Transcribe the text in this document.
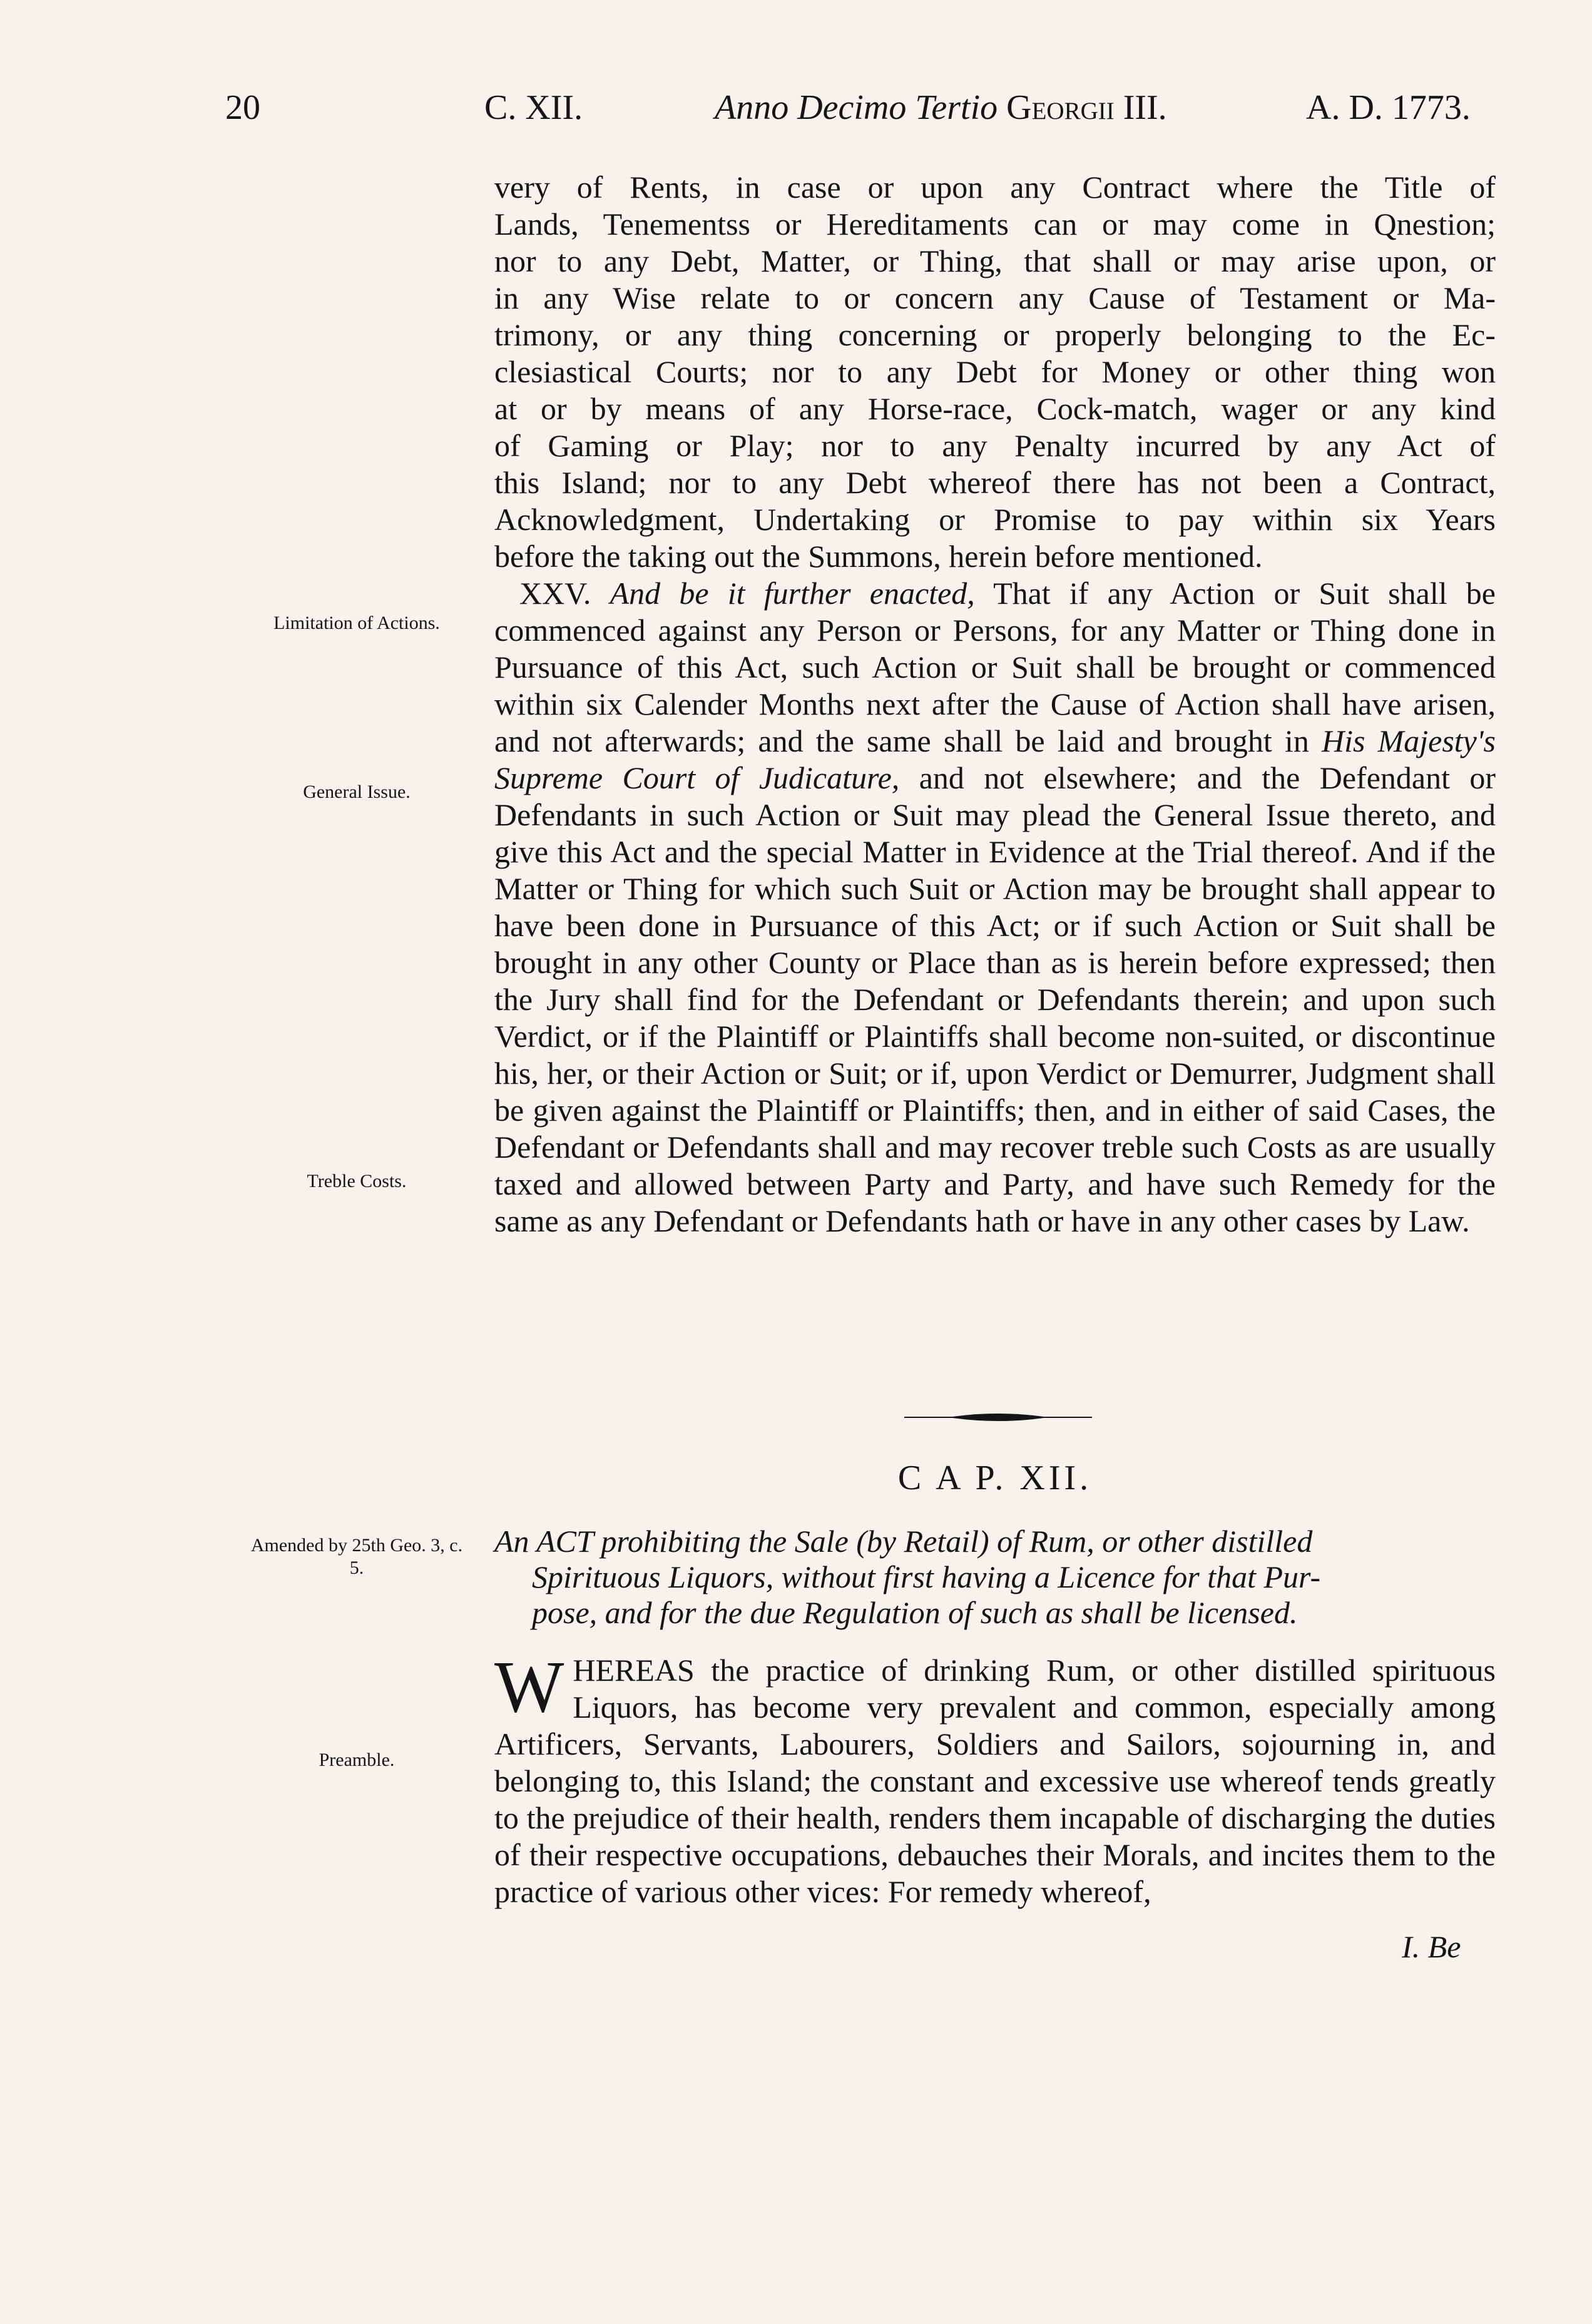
20	C. XII.	Anno Decimo Tertio Georgii III.	A. D. 1773.
Limitation of Actions.
General Issue.
Treble Costs.
Amended by 25th Geo. 3, c. 5.
Preamble.

very of Rents, in case or upon any Contract where the Title of
Lands, Tenementss or Hereditaments can or may come in Qnestion;
nor to any Debt, Matter, or Thing, that shall or may arise upon, or
in any Wise relate to or concern any Cause of Testament or Ma-
trimony, or any thing concerning or properly belonging to the Ec-
clesiastical Courts; nor to any Debt for Money or other thing won
at or by means of any Horse-race, Cock-match, wager or any kind
of Gaming or Play; nor to any Penalty incurred by any Act of
this Island; nor to any Debt whereof there has not been a Contract,
Acknowledgment, Undertaking or Promise to pay within six Years
before the taking out the Summons, herein before mentioned.

XXV. And be it further enacted, That if any Action or Suit shall be commenced against any Person or Persons, for any Matter or Thing done in Pursuance of this Act, such Action or Suit shall be brought or commenced within six Calender Months next after the Cause of Action shall have arisen, and not afterwards; and the same shall be laid and brought in His Majesty's Supreme Court of Judicature, and not elsewhere; and the Defendant or Defendants in such Action or Suit may plead the General Issue thereto, and give this Act and the special Matter in Evidence at the Trial thereof. And if the Matter or Thing for which such Suit or Action may be brought shall appear to have been done in Pursuance of this Act; or if such Action or Suit shall be brought in any other County or Place than as is herein before expressed; then the Jury shall find for the Defendant or Defendants therein; and upon such Verdict, or if the Plaintiff or Plaintiffs shall become non-suited, or discontinue his, her, or their Action or Suit; or if, upon Verdict or Demurrer, Judgment shall be given against the Plaintiff or Plaintiffs; then, and in either of said Cases, the Defendant or Defendants shall and may recover treble such Costs as are usually taxed and allowed between Party and Party, and have such Remedy for the same as any Defendant or Defendants hath or have in any other cases by Law.

C A P. XII.
An ACT prohibiting the Sale (by Retail) of Rum, or other distilled
Spirituous Liquors, without first having a Licence for that Pur-
pose, and for the due Regulation of such as shall be licensed.
WHEREAS the practice of drinking Rum, or other distilled spirituous Liquors, has become very prevalent and common, especially among Artificers, Servants, Labourers, Soldiers and Sailors, sojourning in, and belonging to, this Island; the constant and excessive use whereof tends greatly to the prejudice of their health, renders them incapable of discharging the duties of their respective occupations, debauches their Morals, and incites them to the practice of various other vices: For remedy whereof,
I. Be
